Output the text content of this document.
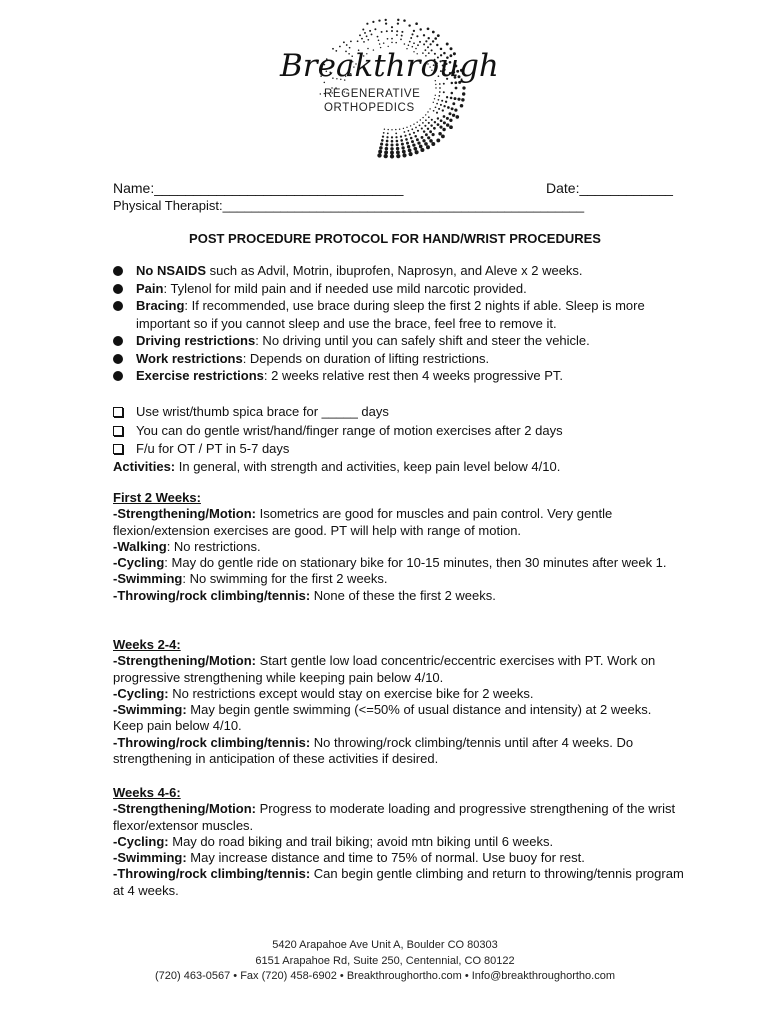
Breakthrough
REGENERATIVE
ORTHOPEDICS
Name:________________________________	Date:____________
Physical Therapist:__________________________________________________
POST PROCEDURE PROTOCOL FOR HAND/WRIST PROCEDURES
No NSAIDS such as Advil, Motrin, ibuprofen, Naprosyn, and Aleve x 2 weeks.
Pain: Tylenol for mild pain and if needed use mild narcotic provided.
Bracing: If recommended, use brace during sleep the first 2 nights if able. Sleep is more important so if you cannot sleep and use the brace, feel free to remove it.
Driving restrictions: No driving until you can safely shift and steer the vehicle.
Work restrictions: Depends on duration of lifting restrictions.
Exercise restrictions: 2 weeks relative rest then 4 weeks progressive PT.
Use wrist/thumb spica brace for _____ days
You can do gentle wrist/hand/finger range of motion exercises after 2 days
F/u for OT / PT in 5-7 days
Activities: In general, with strength and activities, keep pain level below 4/10.
First 2 Weeks:

-Strengthening/Motion: Isometrics are good for muscles and pain control. Very gentle flexion/extension exercises are good. PT will help with range of motion.

-Walking: No restrictions.

-Cycling: May do gentle ride on stationary bike for 10-15 minutes, then 30 minutes after week 1.

-Swimming: No swimming for the first 2 weeks.

-Throwing/rock climbing/tennis: None of these the first 2 weeks.

Weeks 2-4:

-Strengthening/Motion: Start gentle low load concentric/eccentric exercises with PT. Work on progressive strengthening while keeping pain below 4/10.

-Cycling: No restrictions except would stay on exercise bike for 2 weeks.

-Swimming: May begin gentle swimming (<=50% of usual distance and intensity) at 2 weeks. Keep pain below 4/10.

-Throwing/rock climbing/tennis: No throwing/rock climbing/tennis until after 4 weeks. Do strengthening in anticipation of these activities if desired.

Weeks 4-6:

-Strengthening/Motion: Progress to moderate loading and progressive strengthening of the wrist flexor/extensor muscles.

-Cycling: May do road biking and trail biking; avoid mtn biking until 6 weeks.

-Swimming: May increase distance and time to 75% of normal. Use buoy for rest.

-Throwing/rock climbing/tennis: Can begin gentle climbing and return to throwing/tennis program at 4 weeks.

5420 Arapahoe Ave Unit A, Boulder CO 80303
6151 Arapahoe Rd, Suite 250, Centennial, CO 80122
(720) 463-0567 • Fax (720) 458-6902 • Breakthroughortho.com • Info@breakthroughortho.com
